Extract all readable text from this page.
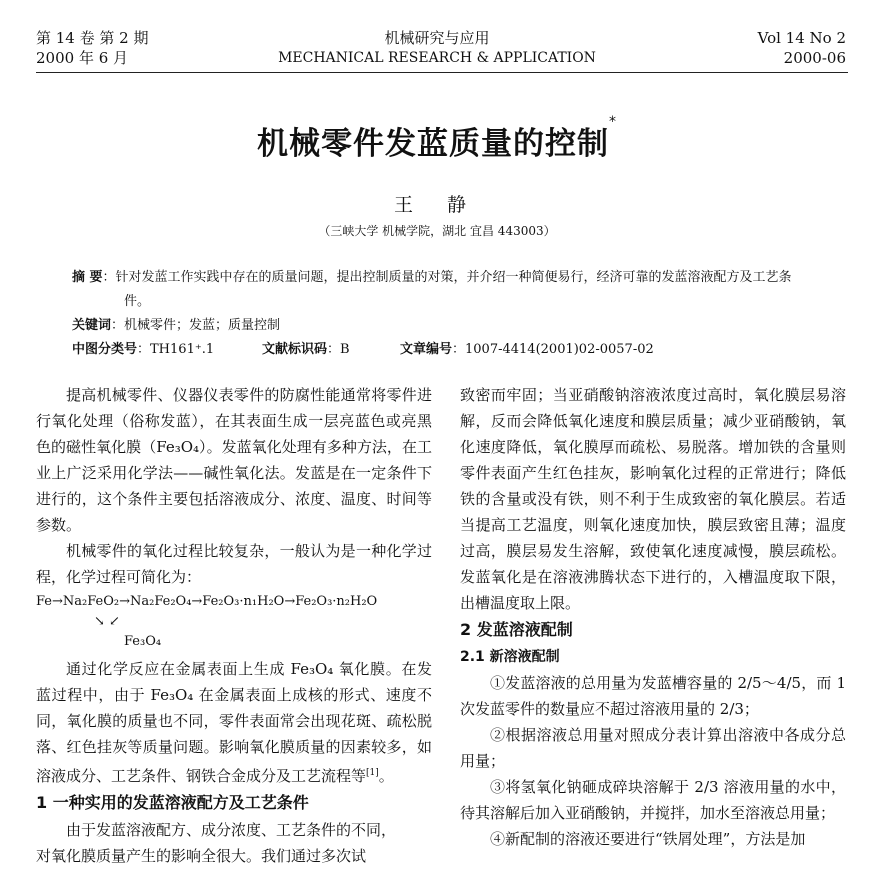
第 14 卷 第 2 期
2000 年 6 月
机械研究与应用
MECHANICAL RESEARCH & APPLICATION
Vol 14 No 2
2000-06
机械零件发蓝质量的控制*
王 静
（三峡大学 机械学院，湖北 宜昌 443003）
摘 要：针对发蓝工作实践中存在的质量问题，提出控制质量的对策，并介绍一种简便易行，经济可靠的发蓝溶液配方及工艺条件。
关键词：机械零件；发蓝；质量控制
中图分类号：TH161⁺.1	文献标识码：B	文章编号：1007-4414(2001)02-0057-02

提高机械零件、仪器仪表零件的防腐性能通常将零件进行氧化处理（俗称发蓝），在其表面生成一层亮蓝色或亮黑色的磁性氧化膜（Fe₃O₄）。发蓝氧化处理有多种方法，在工业上广泛采用化学法——碱性氧化法。发蓝是在一定条件下进行的，这个条件主要包括溶液成分、浓度、温度、时间等参数。

机械零件的氧化过程比较复杂，一般认为是一种化学过程，化学过程可简化为：

Fe→Na₂FeO₂→Na₂Fe₂O₄→Fe₂O₃·n₁H₂O→Fe₂O₃·n₂H₂O
↘ ↙
Fe₃O₄

通过化学反应在金属表面上生成 Fe₃O₄ 氧化膜。在发蓝过程中，由于 Fe₃O₄ 在金属表面上成核的形式、速度不同，氧化膜的质量也不同，零件表面常会出现花斑、疏松脱落、红色挂灰等质量问题。影响氧化膜质量的因素较多，如溶液成分、工艺条件、钢铁合金成分及工艺流程等[1]。

1 一种实用的发蓝溶液配方及工艺条件

由于发蓝溶液配方、成分浓度、工艺条件的不同，

对氧化膜质量产生的影响全很大。我们通过多次试

致密而牢固；当亚硝酸钠溶液浓度过高时，氧化膜层易溶解，反而会降低氧化速度和膜层质量；减少亚硝酸钠，氧化速度降低，氧化膜厚而疏松、易脱落。增加铁的含量则零件表面产生红色挂灰，影响氧化过程的正常进行；降低铁的含量或没有铁，则不利于生成致密的氧化膜层。若适当提高工艺温度，则氧化速度加快，膜层致密且薄；温度过高，膜层易发生溶解，致使氧化速度减慢，膜层疏松。发蓝氧化是在溶液沸腾状态下进行的，入槽温度取下限，出槽温度取上限。

2 发蓝溶液配制
2.1 新溶液配制

①发蓝溶液的总用量为发蓝槽容量的 2/5～4/5，而 1 次发蓝零件的数量应不超过溶液用量的 2/3；

②根据溶液总用量对照成分表计算出溶液中各成分总用量；

③将氢氧化钠砸成碎块溶解于 2/3 溶液用量的水中，待其溶解后加入亚硝酸钠，并搅拌，加水至溶液总用量；

④新配制的溶液还要进行“铁屑处理”，方法是加
